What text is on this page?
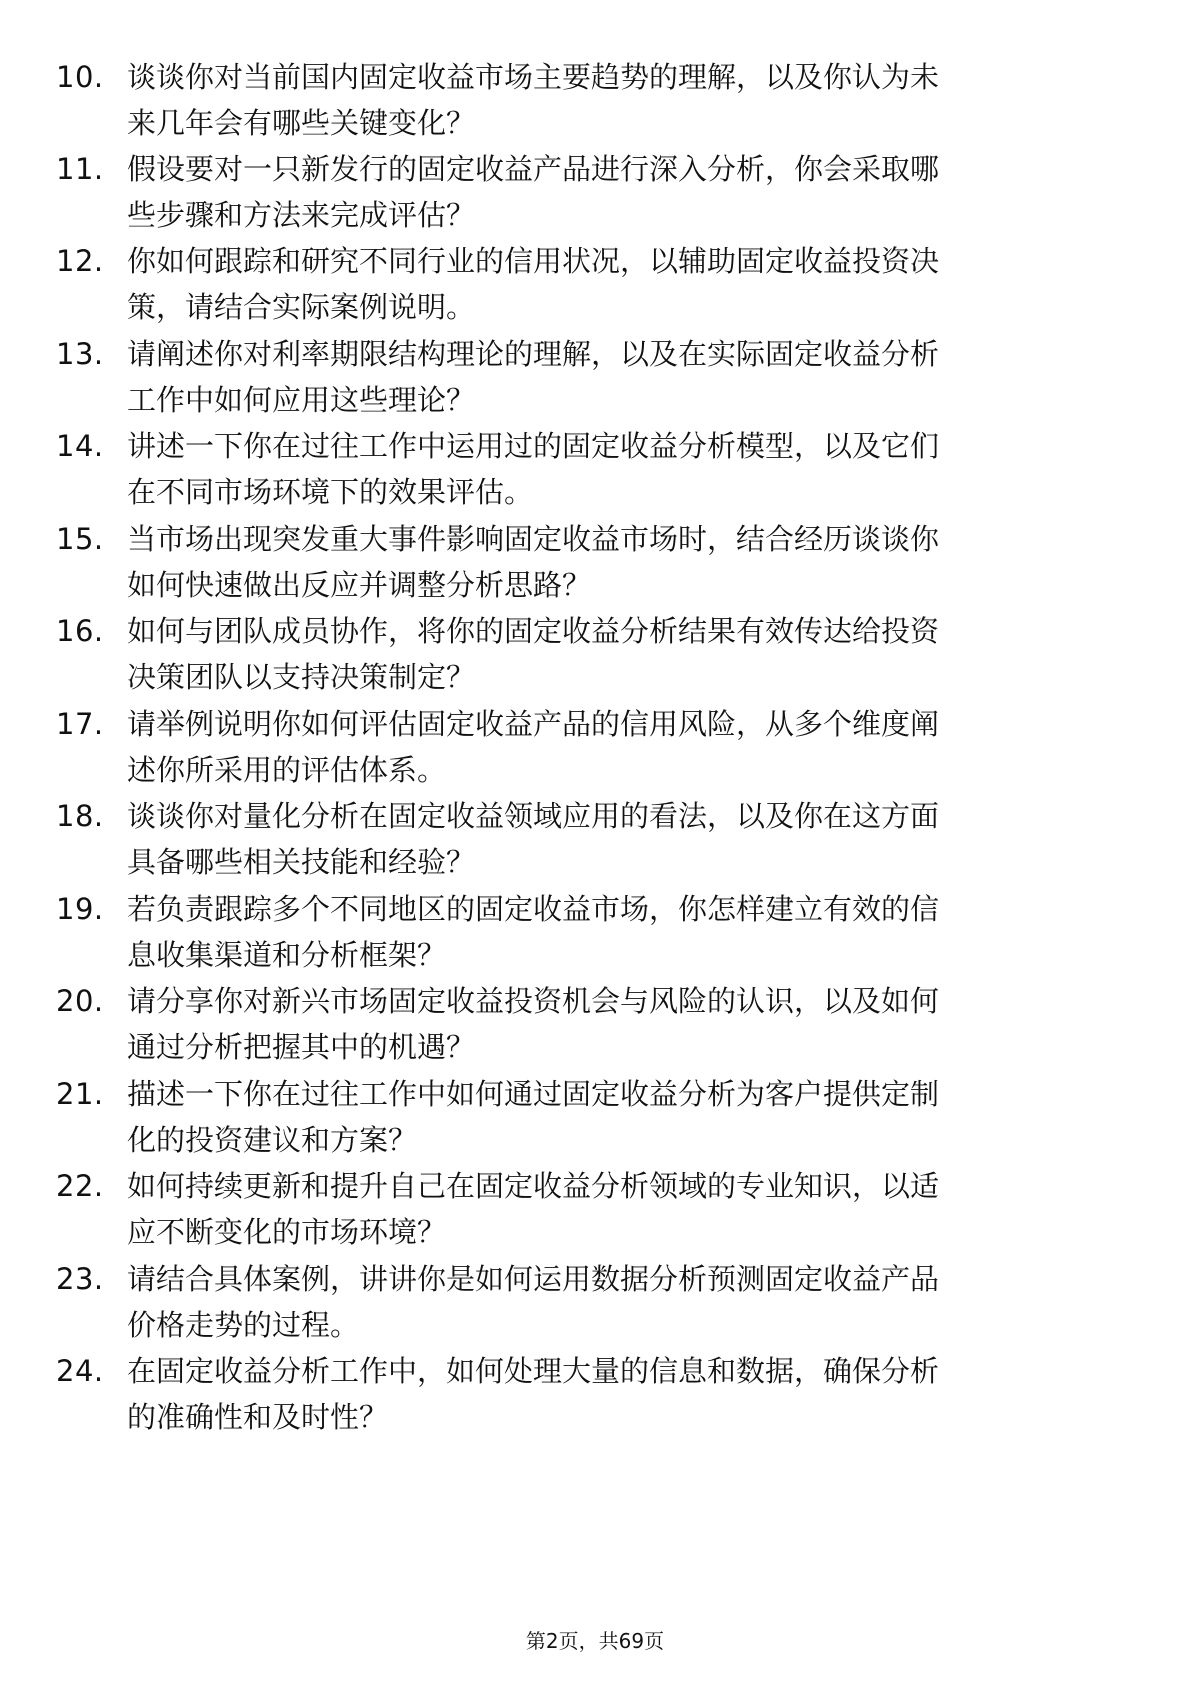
10. 谈谈你对当前国内固定收益市场主要趋势的理解，以及你认为未
来几年会有哪些关键变化？
11. 假设要对一只新发行的固定收益产品进行深入分析，你会采取哪
些步骤和方法来完成评估？
12. 你如何跟踪和研究不同行业的信用状况，以辅助固定收益投资决
策，请结合实际案例说明。
13. 请阐述你对利率期限结构理论的理解，以及在实际固定收益分析
工作中如何应用这些理论？
14. 讲述一下你在过往工作中运用过的固定收益分析模型，以及它们
在不同市场环境下的效果评估。
15. 当市场出现突发重大事件影响固定收益市场时，结合经历谈谈你
如何快速做出反应并调整分析思路？
16. 如何与团队成员协作，将你的固定收益分析结果有效传达给投资
决策团队以支持决策制定？
17. 请举例说明你如何评估固定收益产品的信用风险，从多个维度阐
述你所采用的评估体系。
18. 谈谈你对量化分析在固定收益领域应用的看法，以及你在这方面
具备哪些相关技能和经验？
19. 若负责跟踪多个不同地区的固定收益市场，你怎样建立有效的信
息收集渠道和分析框架？
20. 请分享你对新兴市场固定收益投资机会与风险的认识，以及如何
通过分析把握其中的机遇？
21. 描述一下你在过往工作中如何通过固定收益分析为客户提供定制
化的投资建议和方案？
22. 如何持续更新和提升自己在固定收益分析领域的专业知识，以适
应不断变化的市场环境？
23. 请结合具体案例，讲讲你是如何运用数据分析预测固定收益产品
价格走势的过程。
24. 在固定收益分析工作中，如何处理大量的信息和数据，确保分析
的准确性和及时性？
第2页，共69页
